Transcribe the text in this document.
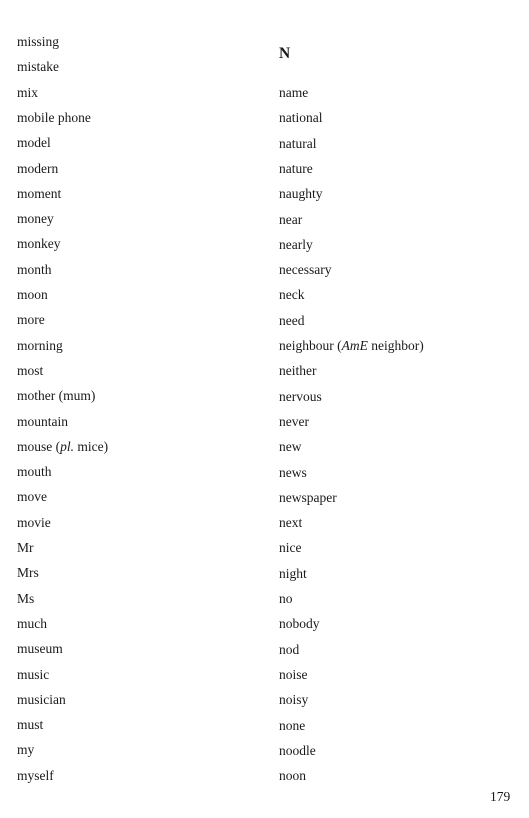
missing
mistake
mix
mobile phone
model
modern
moment
money
monkey
month
moon
more
morning
most
mother (mum)
mountain
mouse (pl. mice)
mouth
move
movie
Mr
Mrs
Ms
much
museum
music
musician
must
my
myself
N
name
national
natural
nature
naughty
near
nearly
necessary
neck
need
neighbour (AmE neighbor)
neither
nervous
never
new
news
newspaper
next
nice
night
no
nobody
nod
noise
noisy
none
noodle
noon
179
